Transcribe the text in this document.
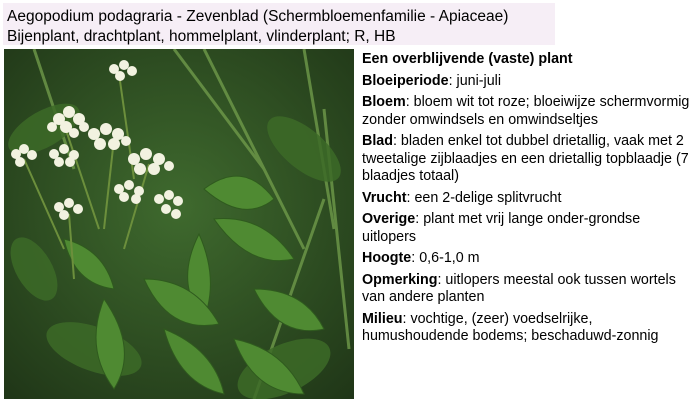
Aegopodium podagraria - Zevenblad (Schermbloemenfamilie - Apiaceae)
Bijenplant, drachtplant, hommelplant, vlinderplant; R, HB
Een overblijvende (vaste) plant
Bloeiperiode: juni-juli
Bloem: bloem wit tot roze; bloeiwijze schermvormig zonder omwindsels en omwindseltjes
Blad: bladen enkel tot dubbel drietallig, vaak met 2 tweetalige zijblaadjes en een drietallig topblaadje (7 blaadjes totaal)
Vrucht: een 2-delige splitvrucht
Overige: plant met vrij lange onder-grondse uitlopers
Hoogte: 0,6-1,0 m
Opmerking: uitlopers meestal ook tussen wortels van andere planten
Milieu: vochtige, (zeer) voedselrijke, humushoudende bodems; beschaduwd-zonnig
